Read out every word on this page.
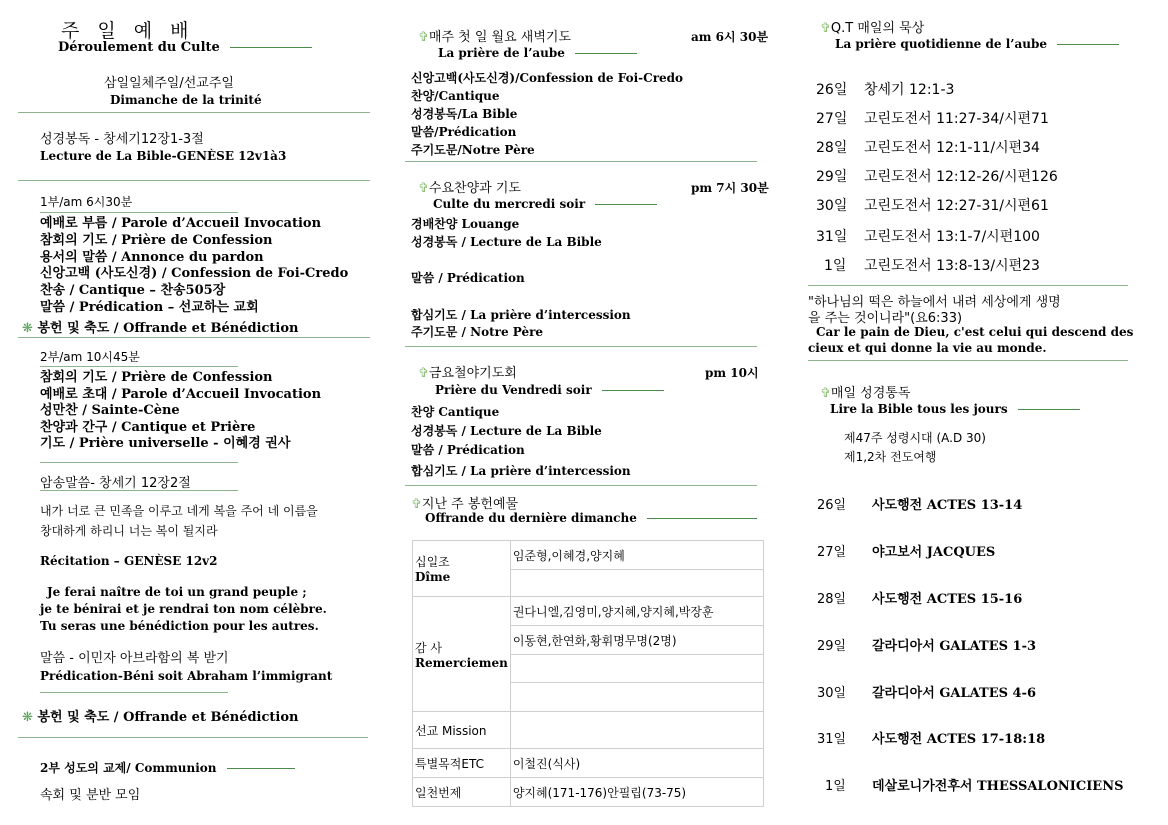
주 일 예 배
Déroulement du Culte
삼일일체주일/선교주일
Dimanche de la trinité
성경봉독 - 창세기12장1-3절
Lecture de La Bible-GENÈSE 12v1à3
1부/am 6시30분
예배로 부름 / Parole d’Accueil Invocation
참회의 기도 / Prière de Confession
용서의 말씀 / Annonce du pardon
신앙고백 (사도신경) / Confession de Foi-Credo
찬송 / Cantique – 찬송505장
말씀 / Prédication – 선교하는 교회
❋ 봉헌 및 축도 / Offrande et Bénédiction
2부/am 10시45분
참회의 기도 / Prière de Confession
예배로 초대 / Parole d’Accueil Invocation
성만찬 / Sainte-Cène
찬양과 간구 / Cantique et Prière
기도 / Prière universelle - 이혜경 권사
암송말씀- 창세기 12장2절
내가 너로 큰 민족을 이루고 네게 복을 주어 네 이름을
창대하게 하리니 너는 복이 될지라
Récitation – GENÈSE 12v2
Je ferai naître de toi un grand peuple ;
je te bénirai et je rendrai ton nom célèbre.
Tu seras une bénédiction pour les autres.
말씀 - 이민자 아브라함의 복 받기
Prédication-Béni soit Abraham l’immigrant
❋ 봉헌 및 축도 / Offrande et Bénédiction
2부 성도의 교제/ Communion
속회 및 분반 모임
✞매주 첫 일 월요 새벽기도	am 6시 30분
La prière de l’aube
신앙고백(사도신경)/Confession de Foi-Credo
찬양/Cantique
성경봉독/La Bible
말씀/Prédication
주기도문/Notre Père
✞수요찬양과 기도	pm 7시 30분
Culte du mercredi soir
경배찬양 Louange
성경봉독 / Lecture de La Bible
말씀 / Prédication
합심기도 / La prière d’intercession
주기도문 / Notre Père
✞금요철야기도회	pm 10시
Prière du Vendredi soir
찬양 Cantique
성경봉독 / Lecture de La Bible
말씀 / Prédication
합심기도 / La prière d’intercession
✞지난 주 봉헌예물
Offrande du dernière dimanche
십일조
Dîme	임준형,이혜경,양지혜

감 사
Remerciemen	권다니엘,김영미,양지혜,양지혜,박장훈
	이동현,한연화,황휘명무명(2명)

선교 Mission	
특별목적ETC	이철진(식사)
일천번제	양지혜(171-176)안필립(73-75)
✞Q.T 매일의 묵상
La prière quotidienne de l’aube
26일 창세기 12:1-3
27일 고린도전서 11:27-34/시편71
28일 고린도전서 12:1-11/시편34
29일 고린도전서 12:12-26/시편126
30일 고린도전서 12:27-31/시편61
31일 고린도전서 13:1-7/시편100
1일 고린도전서 13:8-13/시편23
"하나님의 떡은 하늘에서 내려 세상에게 생명
을 주는 것이니라"(요6:33)
Car le pain de Dieu, c'est celui qui descend des
cieux et qui donne la vie au monde.
✞매일 성경통독
Lire la Bible tous les jours
제47주 성령시대 (A.D 30)
제1,2차 전도여행
26일 사도행전 ACTES 13-14
27일 야고보서 JACQUES
28일 사도행전 ACTES 15-16
29일 갈라디아서 GALATES 1-3
30일 갈라디아서 GALATES 4-6
31일 사도행전 ACTES 17-18:18
1일 데살로니가전후서 THESSALONICIENS
